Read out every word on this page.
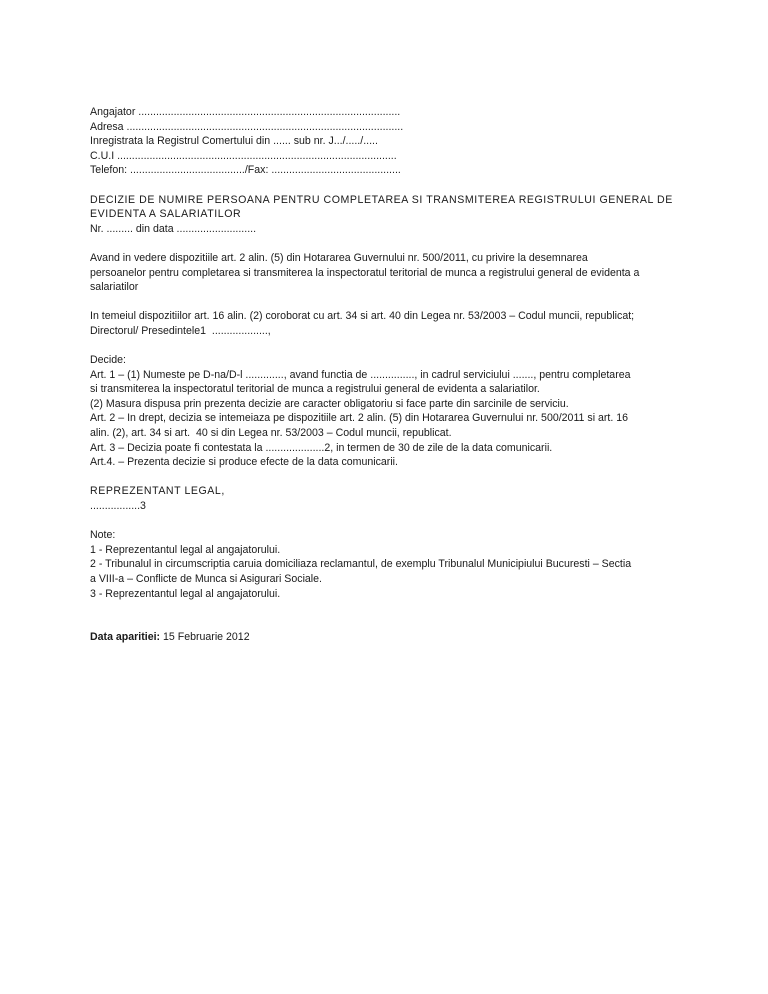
Angajator .........................................................................................
Adresa ..............................................................................................
Inregistrata la Registrul Comertului din ...... sub nr. J.../...../.....
C.U.I ...............................................................................................
Telefon: ......................................./Fax: ............................................
DECIZIE DE NUMIRE PERSOANA PENTRU COMPLETAREA SI TRANSMITEREA REGISTRULUI GENERAL DE
EVIDENTA A SALARIATILOR
Nr. ......... din data ...........................
Avand in vedere dispozitiile art. 2 alin. (5) din Hotararea Guvernului nr. 500/2011, cu privire la desemnarea
persoanelor pentru completarea si transmiterea la inspectoratul teritorial de munca a registrului general de evidenta a
salariatilor
In temeiul dispozitiilor art. 16 alin. (2) coroborat cu art. 34 si art. 40 din Legea nr. 53/2003 – Codul muncii, republicat;
Directorul/ Presedintele1  ...................,
Decide:
Art. 1 – (1) Numeste pe D-na/D-l ............., avand functia de ..............., in cadrul serviciului ......., pentru completarea
si transmiterea la inspectoratul teritorial de munca a registrului general de evidenta a salariatilor.
(2) Masura dispusa prin prezenta decizie are caracter obligatoriu si face parte din sarcinile de serviciu.
Art. 2 – In drept, decizia se intemeiaza pe dispozitiile art. 2 alin. (5) din Hotararea Guvernului nr. 500/2011 si art. 16
alin. (2), art. 34 si art.  40 si din Legea nr. 53/2003 – Codul muncii, republicat.
Art. 3 – Decizia poate fi contestata la ....................2, in termen de 30 de zile de la data comunicarii.
Art.4. – Prezenta decizie si produce efecte de la data comunicarii.
REPREZENTANT LEGAL,
.................3
Note:
1 - Reprezentantul legal al angajatorului.
2 - Tribunalul in circumscriptia caruia domiciliaza reclamantul, de exemplu Tribunalul Municipiului Bucuresti – Sectia
a VIII-a – Conflicte de Munca si Asigurari Sociale.
3 - Reprezentantul legal al angajatorului.
Data aparitiei: 15 Februarie 2012
